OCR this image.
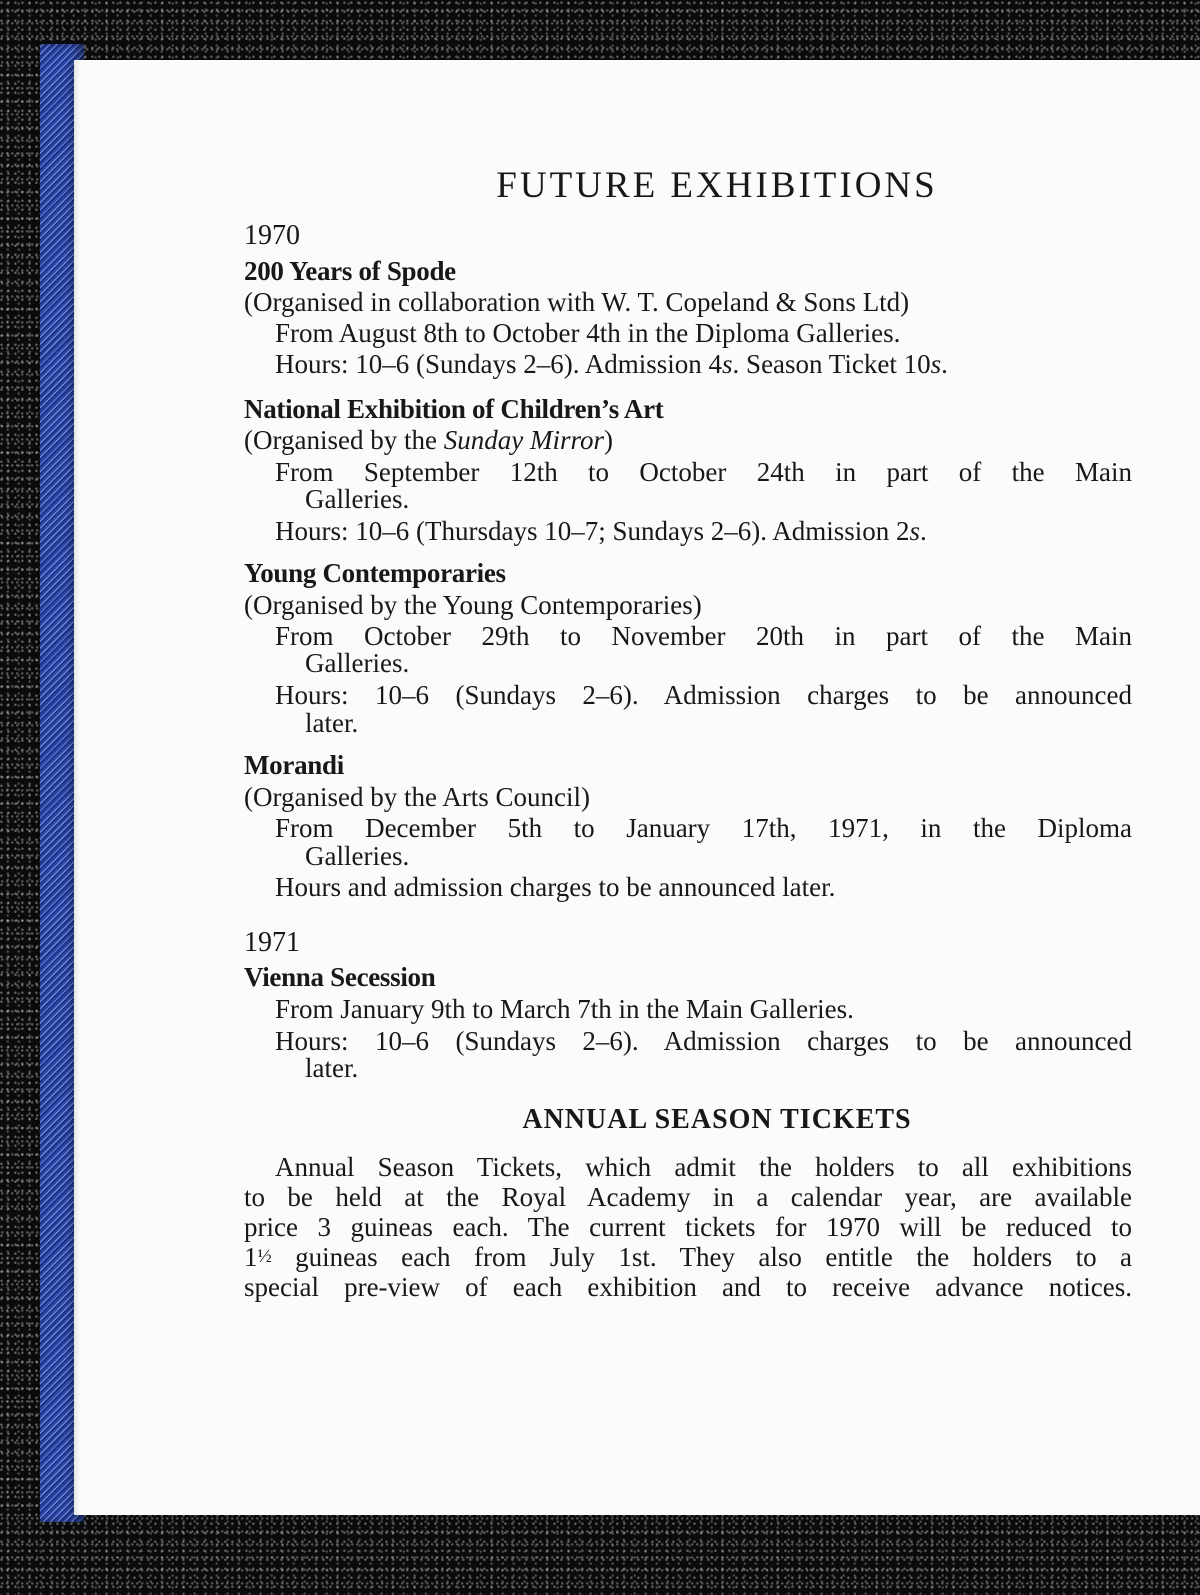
FUTURE EXHIBITIONS
1970
200 Years of Spode
(Organised in collaboration with W. T. Copeland & Sons Ltd)
From August 8th to October 4th in the Diploma Galleries.
Hours: 10–6 (Sundays 2–6). Admission 4s. Season Ticket 10s.
National Exhibition of Children’s Art
(Organised by the Sunday Mirror)
From September 12th to October 24th in part of the Main
Galleries.
Hours: 10–6 (Thursdays 10–7; Sundays 2–6). Admission 2s.
Young Contemporaries
(Organised by the Young Contemporaries)
From October 29th to November 20th in part of the Main
Galleries.
Hours: 10–6 (Sundays 2–6). Admission charges to be announced
later.
Morandi
(Organised by the Arts Council)
From December 5th to January 17th, 1971, in the Diploma
Galleries.
Hours and admission charges to be announced later.
1971
Vienna Secession
From January 9th to March 7th in the Main Galleries.
Hours: 10–6 (Sundays 2–6). Admission charges to be announced
later.
ANNUAL SEASON TICKETS
Annual Season Tickets, which admit the holders to all exhibitions
to be held at the Royal Academy in a calendar year, are available
price 3 guineas each. The current tickets for 1970 will be reduced to
1½ guineas each from July 1st. They also entitle the holders to a
special pre-view of each exhibition and to receive advance notices.
